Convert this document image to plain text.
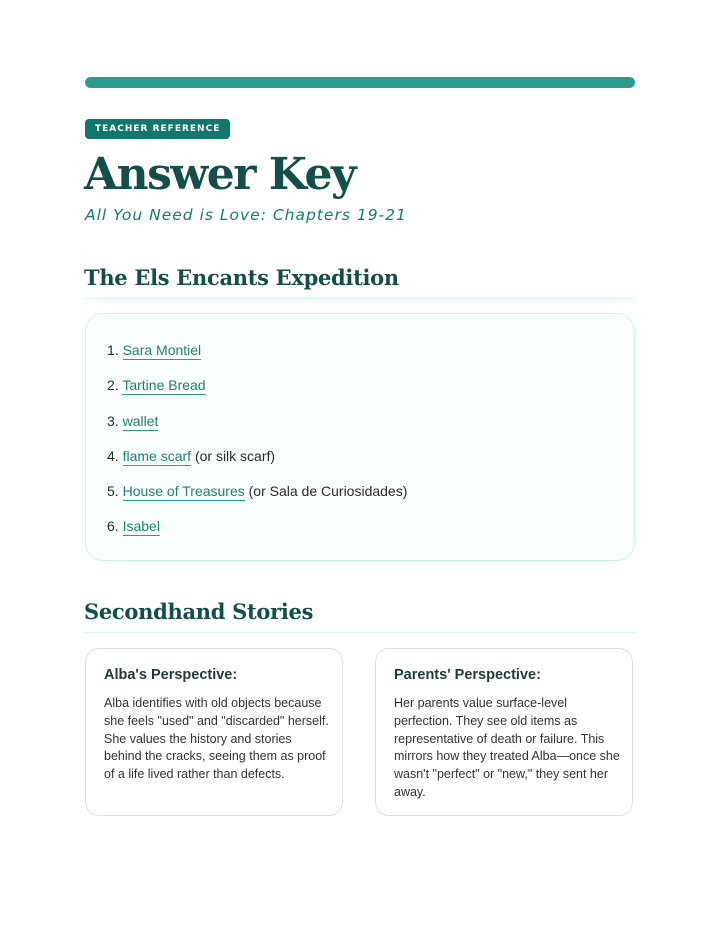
TEACHER REFERENCE
Answer Key

All You Need is Love: Chapters 19-21

The Els Encants Expedition
1. Sara Montiel
2. Tartine Bread
3. wallet
4. flame scarf (or silk scarf)
5. House of Treasures (or Sala de Curiosidades)
6. Isabel
Secondhand Stories
Alba's Perspective:

Alba identifies with old objects because she feels "used" and "discarded" herself. She values the history and stories behind the cracks, seeing them as proof of a life lived rather than defects.

Parents' Perspective:

Her parents value surface-level perfection. They see old items as representative of death or failure. This mirrors how they treated Alba—once she wasn't "perfect" or "new," they sent her away.
